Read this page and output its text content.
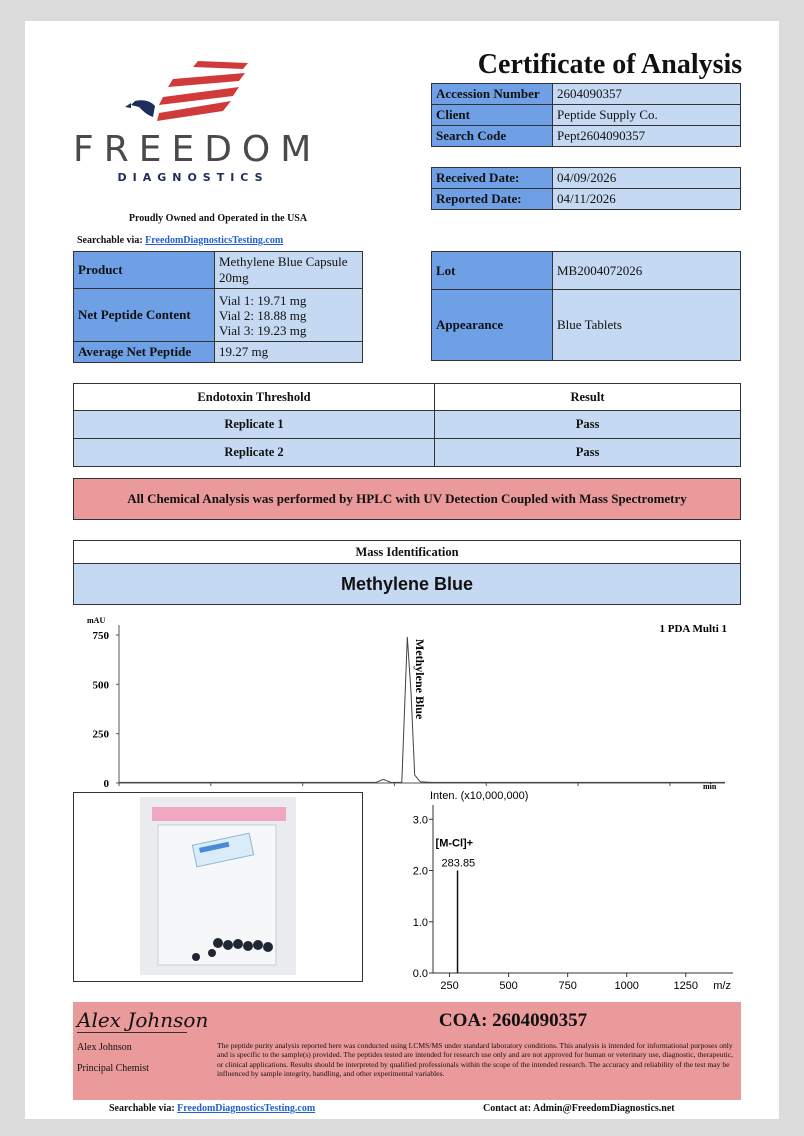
FREEDOM
DIAGNOSTICS
Certificate of Analysis
Accession Number	2604090357
Client	Peptide Supply Co.
Search Code	Pept2604090357
Received Date:	04/09/2026
Reported Date:	04/11/2026
Proudly Owned and Operated in the USA
Searchable via: FreedomDiagnosticsTesting.com
Product	Methylene Blue Capsule 20mg
Net Peptide Content	Vial 1: 19.71 mg
Vial 2: 18.88 mg
Vial 3: 19.23 mg

Average Net Peptide	19.27 mg
Lot	MB2004072026
Appearance	Blue Tablets
Endotoxin Threshold	Result
Replicate 1	Pass
Replicate 2	Pass
All Chemical Analysis was performed by HPLC with UV Detection Coupled with Mass Spectrometry
Mass Identification
Methylene Blue
mAU
min
1 PDA Multi 1
0
250
500
750
Methylene Blue
Inten. (x10,000,000)
m/z
0.0
1.0
2.0
3.0
250	500	750	1000	1250
[M-Cl]+
283.85
Alex Johnson
Alex Johnson
Principal Chemist
COA: 2604090357
The peptide purity analysis reported here was conducted using LCMS/MS under standard laboratory conditions. This analysis is intended for informational purposes only and is specific to the sample(s) provided. The peptides tested are intended for research use only and are not approved for human or veterinary use, diagnostic, therapeutic, or clinical applications. Results should be interpreted by qualified professionals within the scope of the intended research. The accuracy and reliability of the test may be influenced by sample integrity, handling, and other experimental variables.
Searchable via: FreedomDiagnosticsTesting.com	Contact at: Admin@FreedomDiagnostics.net
